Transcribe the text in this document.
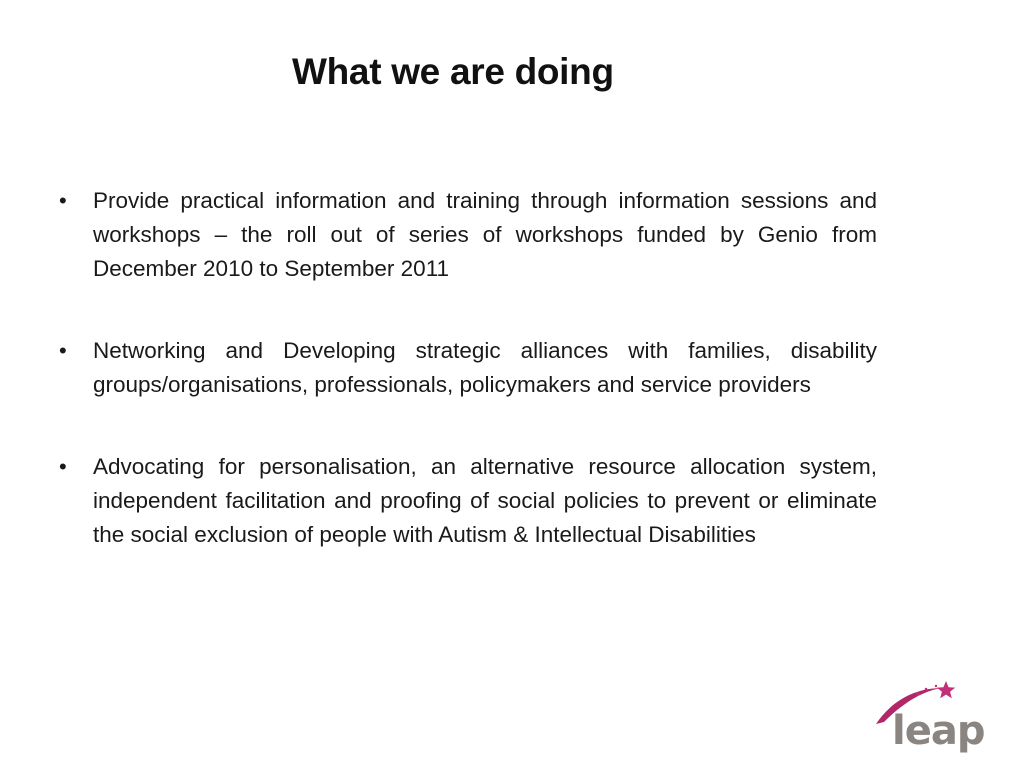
What we are doing
• Provide practical information and training through information sessions and workshops – the roll out of series of workshops funded by Genio from December 2010 to September 2011
• Networking and Developing strategic alliances with families, disability groups/organisations, professionals, policymakers and service providers
• Advocating for personalisation, an alternative resource allocation system, independent facilitation and proofing of social policies to prevent or eliminate the social exclusion of people with Autism & Intellectual Disabilities
leap
